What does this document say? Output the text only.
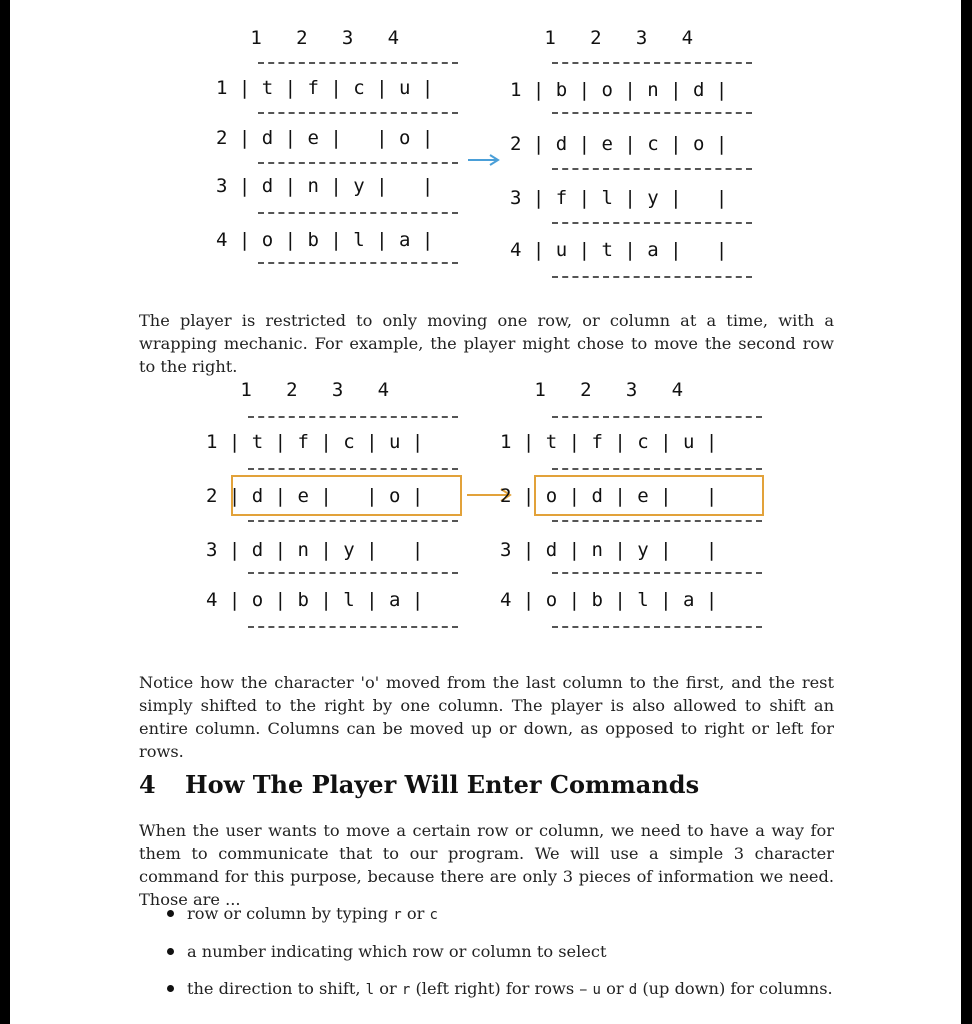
1   2   3   4
1 | t | f | c | u |
2 | d | e |   | o |
3 | d | n | y |   |
4 | o | b | l | a |
1   2   3   4
1 | b | o | n | d |
2 | d | e | c | o |
3 | f | l | y |   |
4 | u | t | a |   |

The player is restricted to only moving one row, or column at a time, with a wrapping mechanic. For example, the player might chose to move the second row to the right.

1   2   3   4
1 | t | f | c | u |
2 | d | e |   | o |
3 | d | n | y |   |
4 | o | b | l | a |
1   2   3   4
1 | t | f | c | u |
2 | o | d | e |   |
3 | d | n | y |   |
4 | o | b | l | a |

Notice how the character 'o' moved from the last column to the first, and the rest simply shifted to the right by one column. The player is also allowed to shift an entire column. Columns can be moved up or down, as opposed to right or left for rows.

4 How The Player Will Enter Commands

When the user wants to move a certain row or column, we need to have a way for them to communicate that to our program. We will use a simple 3 character command for this purpose, because there are only 3 pieces of information we need. Those are ...

row or column by typing r or c
a number indicating which row or column to select
the direction to shift, l or r (left right) for rows – u or d (up down) for columns.
